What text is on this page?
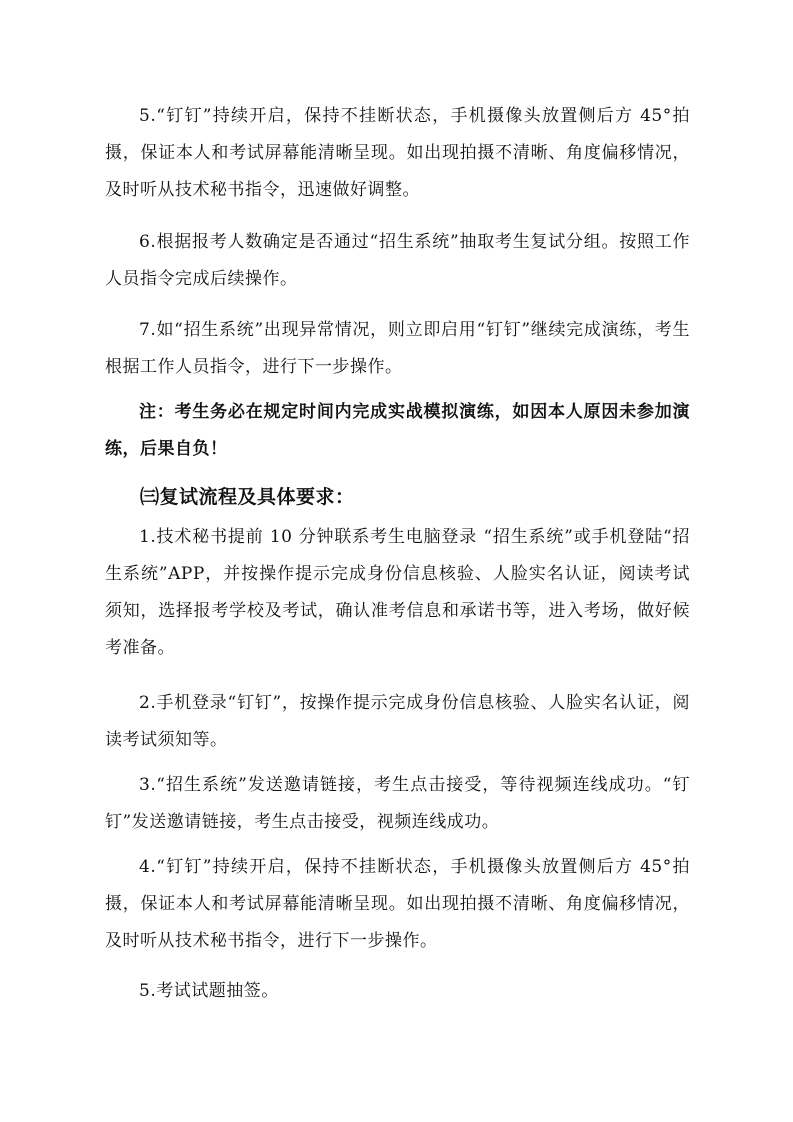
5.“钉钉”持续开启，保持不挂断状态，手机摄像头放置侧后方 45°拍摄，保证本人和考试屏幕能清晰呈现。如出现拍摄不清晰、角度偏移情况，及时听从技术秘书指令，迅速做好调整。

6.根据报考人数确定是否通过“招生系统”抽取考生复试分组。按照工作人员指令完成后续操作。

7.如“招生系统”出现异常情况，则立即启用“钉钉”继续完成演练，考生根据工作人员指令，进行下一步操作。

注：考生务必在规定时间内完成实战模拟演练，如因本人原因未参加演练，后果自负！

㈢复试流程及具体要求：

1.技术秘书提前 10 分钟联系考生电脑登录 “招生系统”或手机登陆“招生系统”APP，并按操作提示完成身份信息核验、人脸实名认证，阅读考试须知，选择报考学校及考试，确认准考信息和承诺书等，进入考场，做好候考准备。

2.手机登录“钉钉”，按操作提示完成身份信息核验、人脸实名认证，阅读考试须知等。

3.“招生系统”发送邀请链接，考生点击接受，等待视频连线成功。“钉钉”发送邀请链接，考生点击接受，视频连线成功。

4.“钉钉”持续开启，保持不挂断状态，手机摄像头放置侧后方 45°拍摄，保证本人和考试屏幕能清晰呈现。如出现拍摄不清晰、角度偏移情况，及时听从技术秘书指令，进行下一步操作。

5.考试试题抽签。
